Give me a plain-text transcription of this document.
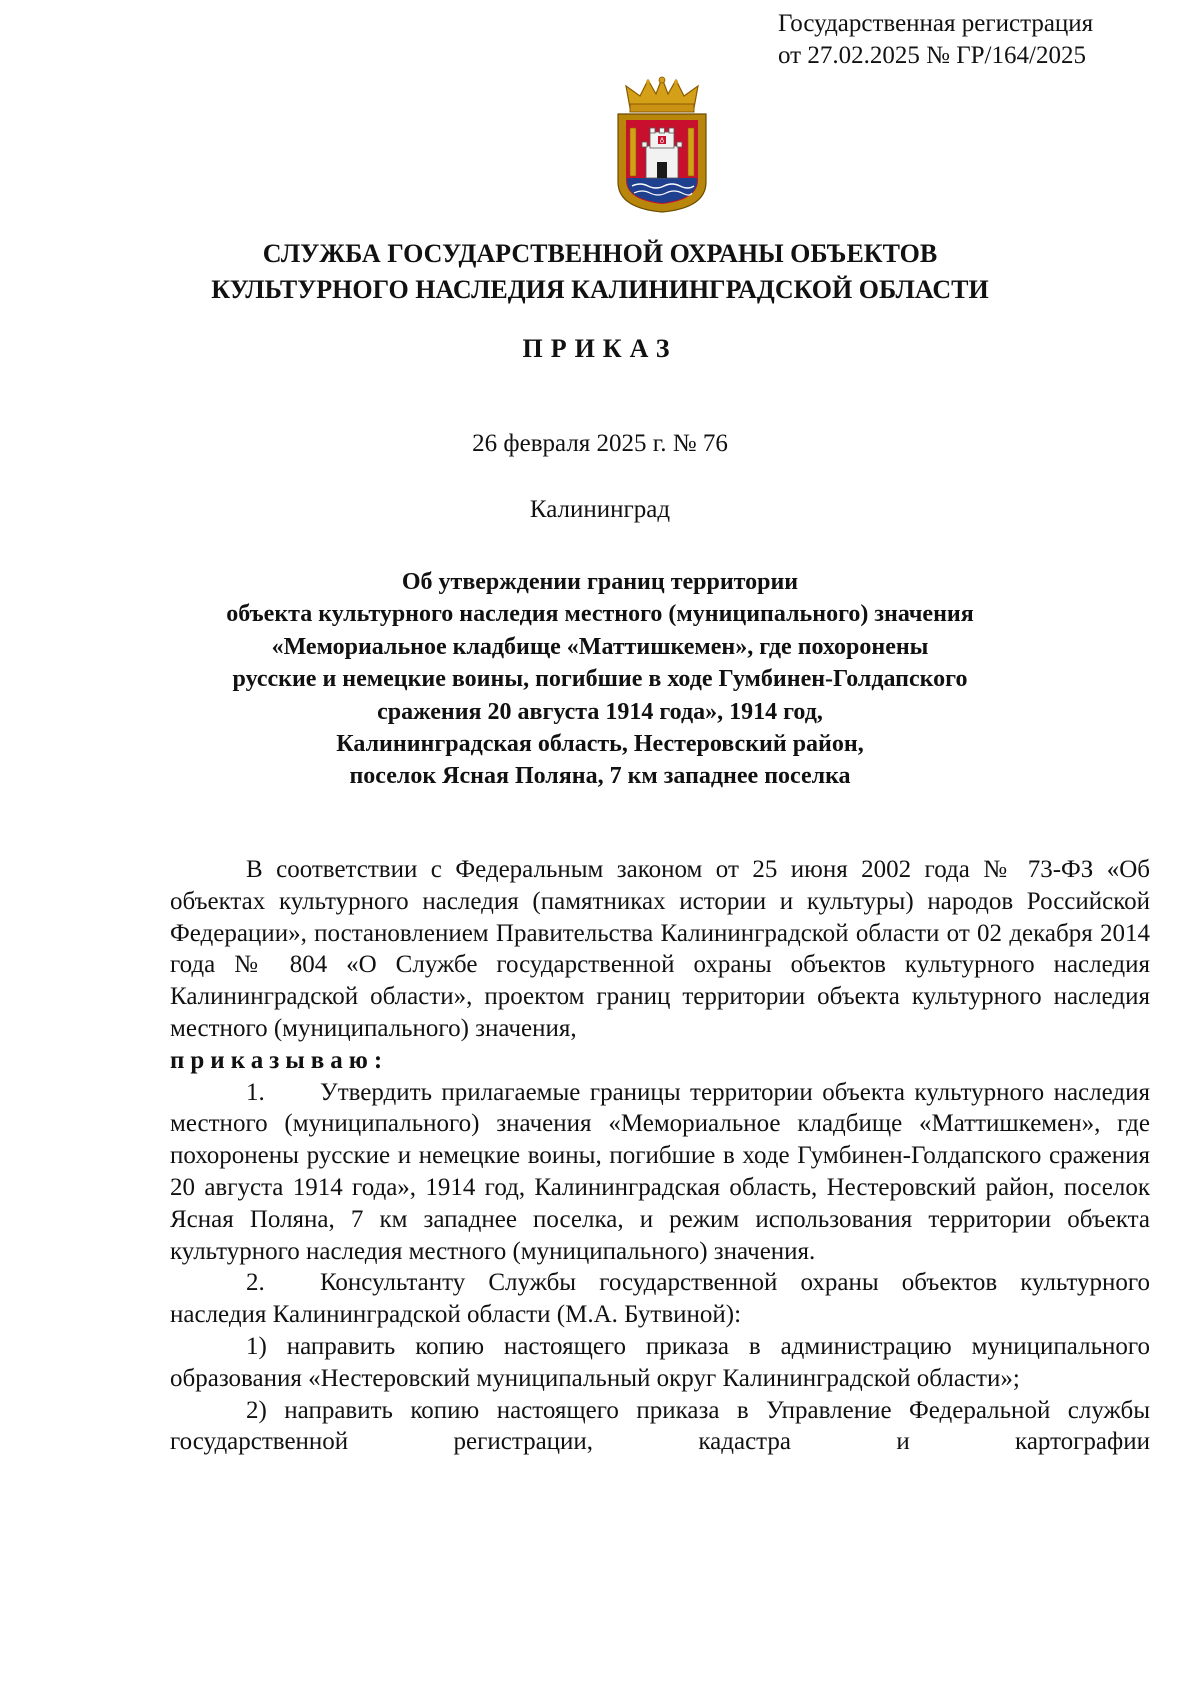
Государственная регистрация
от 27.02.2025 № ГР/164/2025
♁
СЛУЖБА ГОСУДАРСТВЕННОЙ ОХРАНЫ ОБЪЕКТОВ
КУЛЬТУРНОГО НАСЛЕДИЯ КАЛИНИНГРАДСКОЙ ОБЛАСТИ
ПРИКАЗ
26 февраля 2025 г. № 76
Калининград
Об утверждении границ территории
объекта культурного наследия местного (муниципального) значения
«Мемориальное кладбище «Маттишкемен», где похоронены
русские и немецкие воины, погибшие в ходе Гумбинен-Голдапского
сражения 20 августа 1914 года», 1914 год,
Калининградская область, Нестеровский район,
поселок Ясная Поляна, 7 км западнее поселка

В соответствии с Федеральным законом от 25 июня 2002 года № 73-ФЗ «Об объектах культурного наследия (памятниках истории и культуры) народов Российской Федерации», постановлением Правительства Калининградской области от 02 декабря 2014 года № 804 «О Службе государственной охраны объектов культурного наследия Калининградской области», проектом границ территории объекта культурного наследия местного (муниципального) значения,

приказываю:

1. Утвердить прилагаемые границы территории объекта культурного наследия местного (муниципального) значения «Мемориальное кладбище «Маттишкемен», где похоронены русские и немецкие воины, погибшие в ходе Гумбинен-Голдапского сражения 20 августа 1914 года», 1914 год, Калининградская область, Нестеровский район, поселок Ясная Поляна, 7 км западнее поселка, и режим использования территории объекта культурного наследия местного (муниципального) значения.

2. Консультанту Службы государственной охраны объектов культурного наследия Калининградской области (М.А. Бутвиной):

1) направить копию настоящего приказа в администрацию муниципального образования «Нестеровский муниципальный округ Калининградской области»;

2) направить копию настоящего приказа в Управление Федеральной службы государственной регистрации, кадастра и картографии
